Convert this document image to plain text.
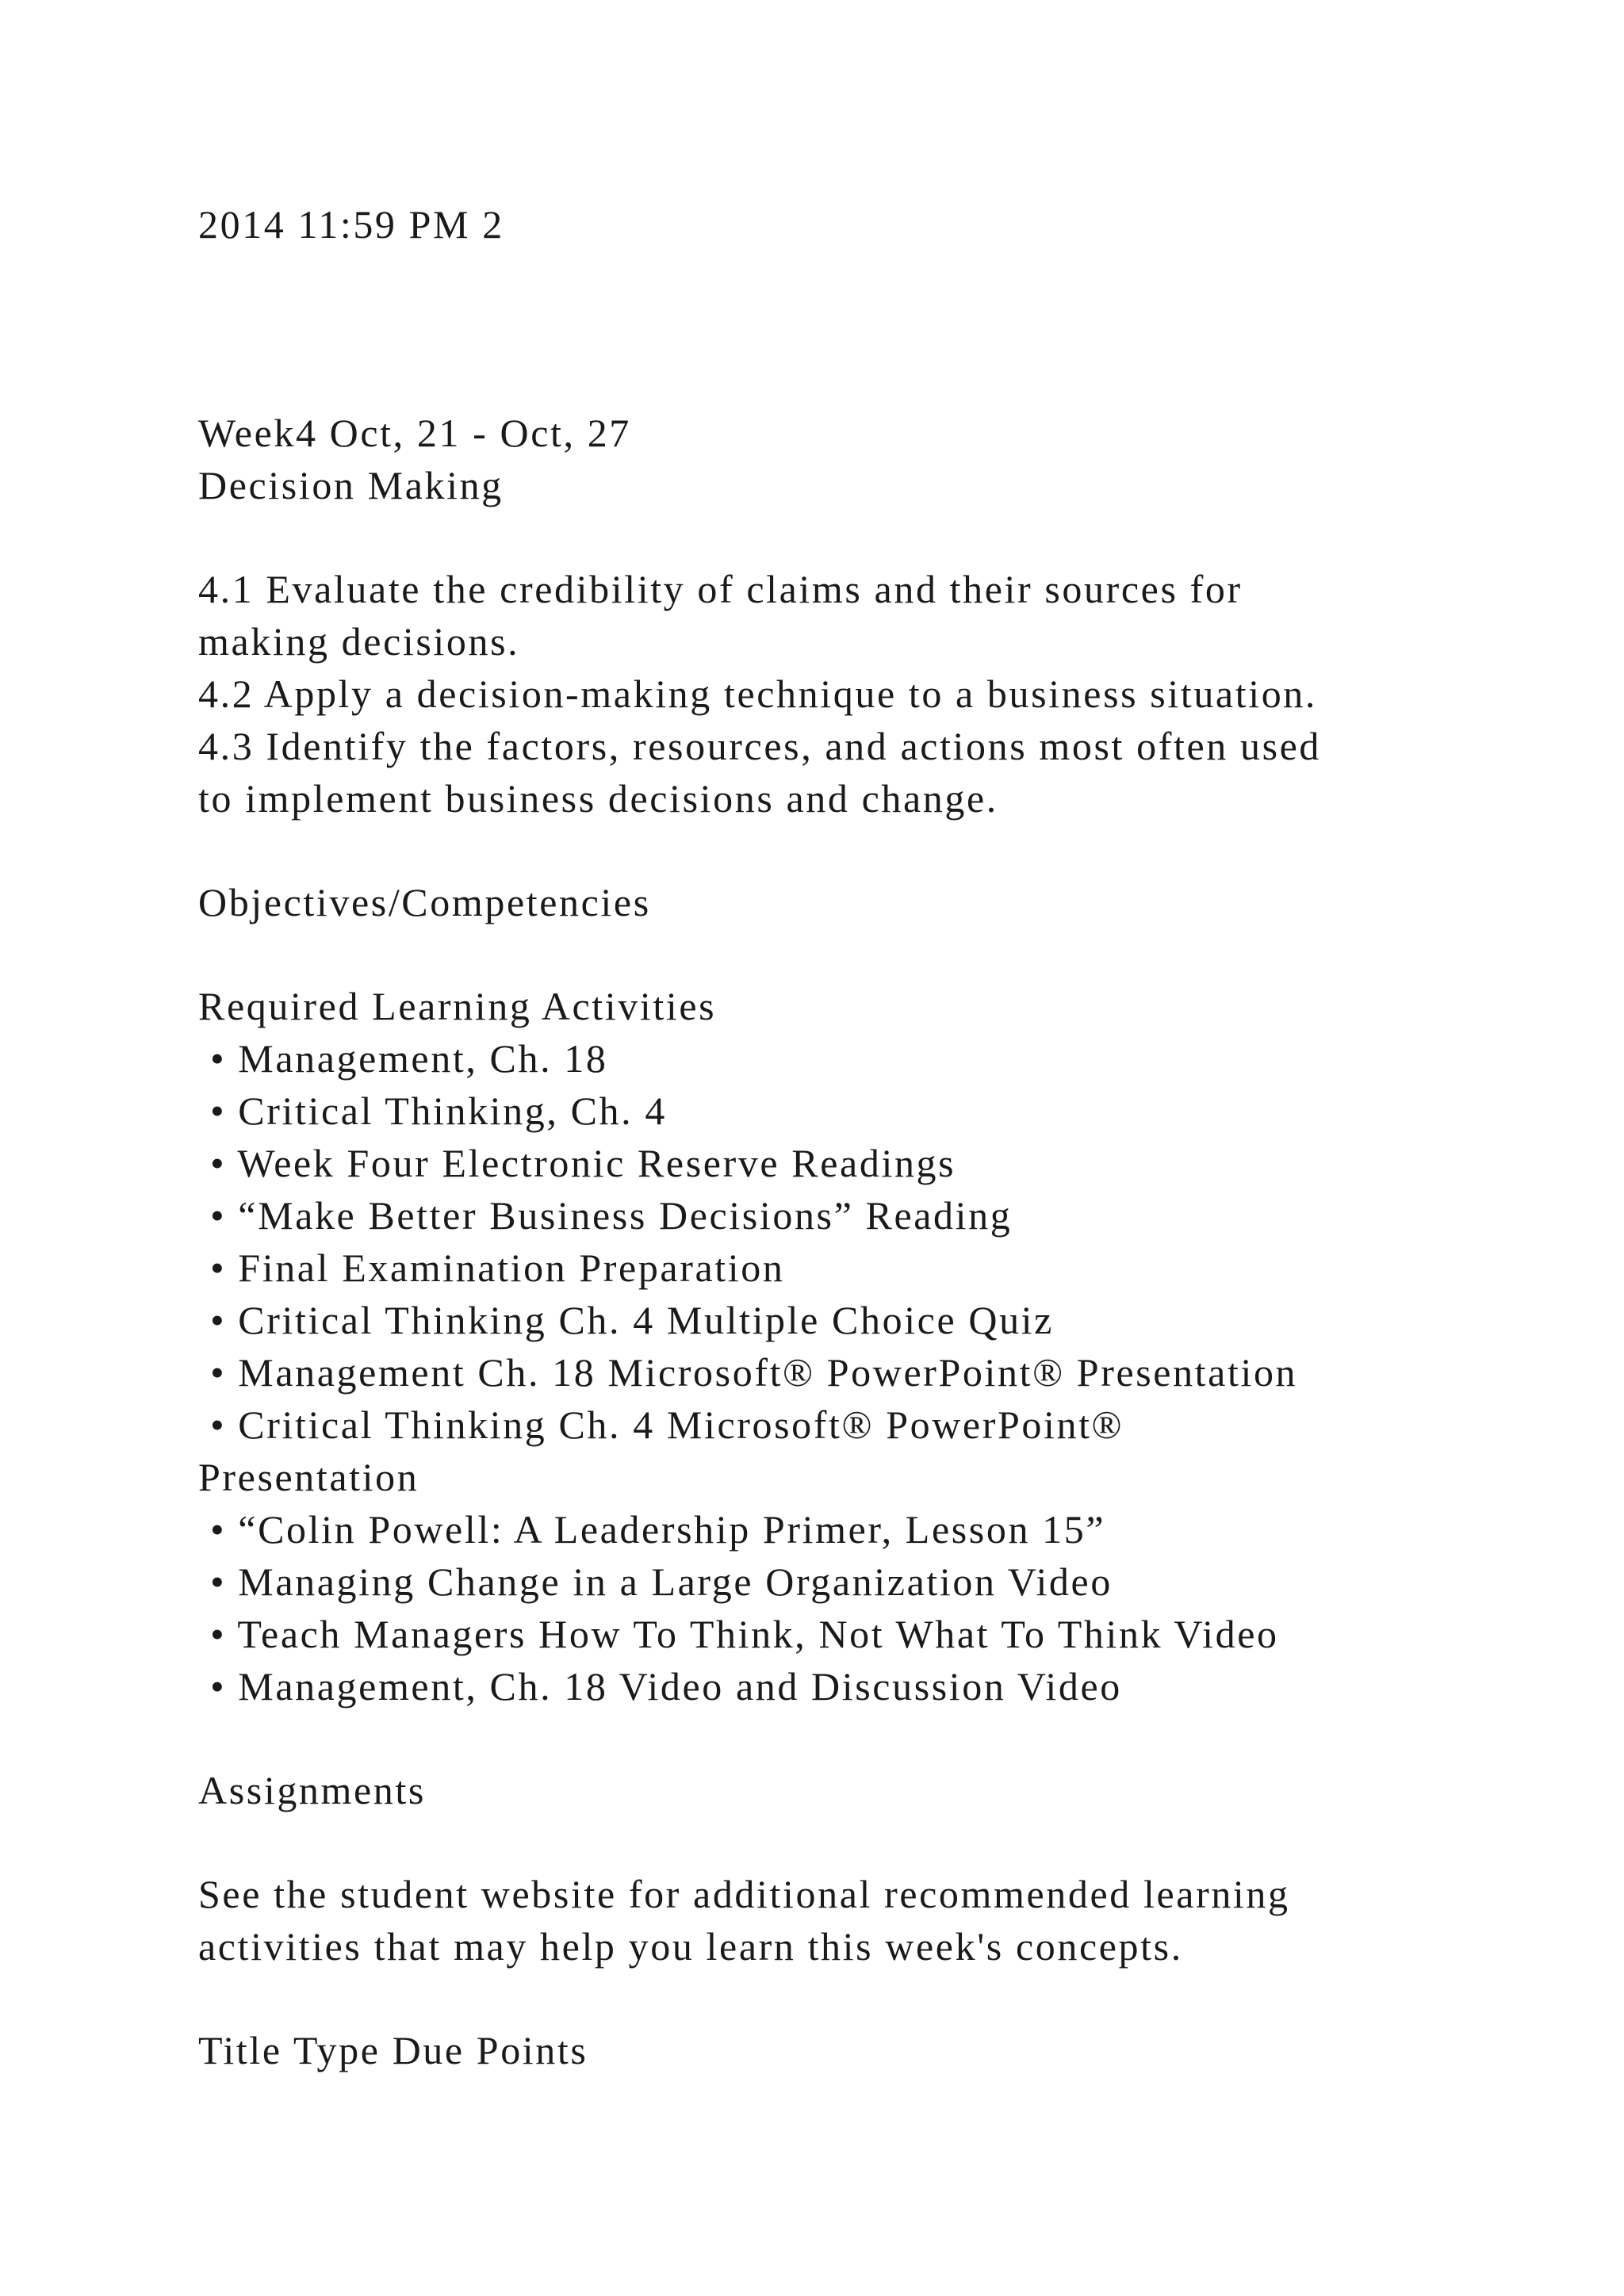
2014 11:59 PM 2
Week4 Oct, 21 - Oct, 27
Decision Making
4.1 Evaluate the credibility of claims and their sources for
making decisions.
4.2 Apply a decision-making technique to a business situation.
4.3 Identify the factors, resources, and actions most often used
to implement business decisions and change.
Objectives/Competencies
Required Learning Activities
• Management, Ch. 18
• Critical Thinking, Ch. 4
• Week Four Electronic Reserve Readings
• “Make Better Business Decisions” Reading
• Final Examination Preparation
• Critical Thinking Ch. 4 Multiple Choice Quiz
• Management Ch. 18 Microsoft® PowerPoint® Presentation
• Critical Thinking Ch. 4 Microsoft® PowerPoint®
Presentation
• “Colin Powell: A Leadership Primer, Lesson 15”
• Managing Change in a Large Organization Video
• Teach Managers How To Think, Not What To Think Video
• Management, Ch. 18 Video and Discussion Video
Assignments
See the student website for additional recommended learning
activities that may help you learn this week's concepts.
Title Type Due Points
